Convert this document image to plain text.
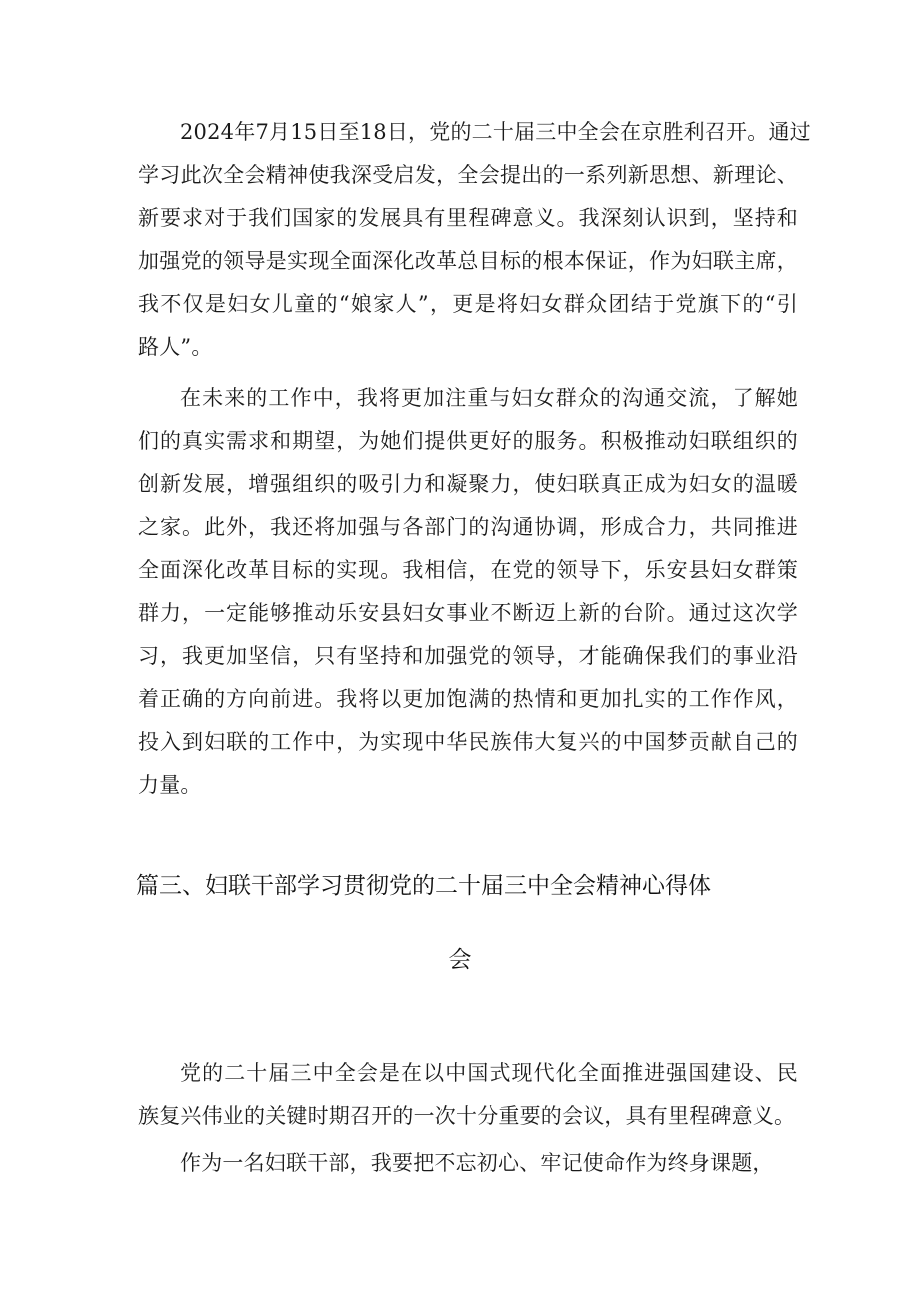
2024年7月15日至18日，党的二十届三中全会在京胜利召开。通过
学习此次全会精神使我深受启发，全会提出的一系列新思想、新理论、
新要求对于我们国家的发展具有里程碑意义。我深刻认识到，坚持和
加强党的领导是实现全面深化改革总目标的根本保证，作为妇联主席，
我不仅是妇女儿童的“娘家人”，更是将妇女群众团结于党旗下的“引
路人”。
在未来的工作中，我将更加注重与妇女群众的沟通交流，了解她
们的真实需求和期望，为她们提供更好的服务。积极推动妇联组织的
创新发展，增强组织的吸引力和凝聚力，使妇联真正成为妇女的温暖
之家。此外，我还将加强与各部门的沟通协调，形成合力，共同推进
全面深化改革目标的实现。我相信，在党的领导下，乐安县妇女群策
群力，一定能够推动乐安县妇女事业不断迈上新的台阶。通过这次学
习，我更加坚信，只有坚持和加强党的领导，才能确保我们的事业沿
着正确的方向前进。我将以更加饱满的热情和更加扎实的工作作风，
投入到妇联的工作中，为实现中华民族伟大复兴的中国梦贡献自己的
力量。
篇三、妇联干部学习贯彻党的二十届三中全会精神心得体
会
党的二十届三中全会是在以中国式现代化全面推进强国建设、民
族复兴伟业的关键时期召开的一次十分重要的会议，具有里程碑意义。
作为一名妇联干部，我要把不忘初心、牢记使命作为终身课题，
